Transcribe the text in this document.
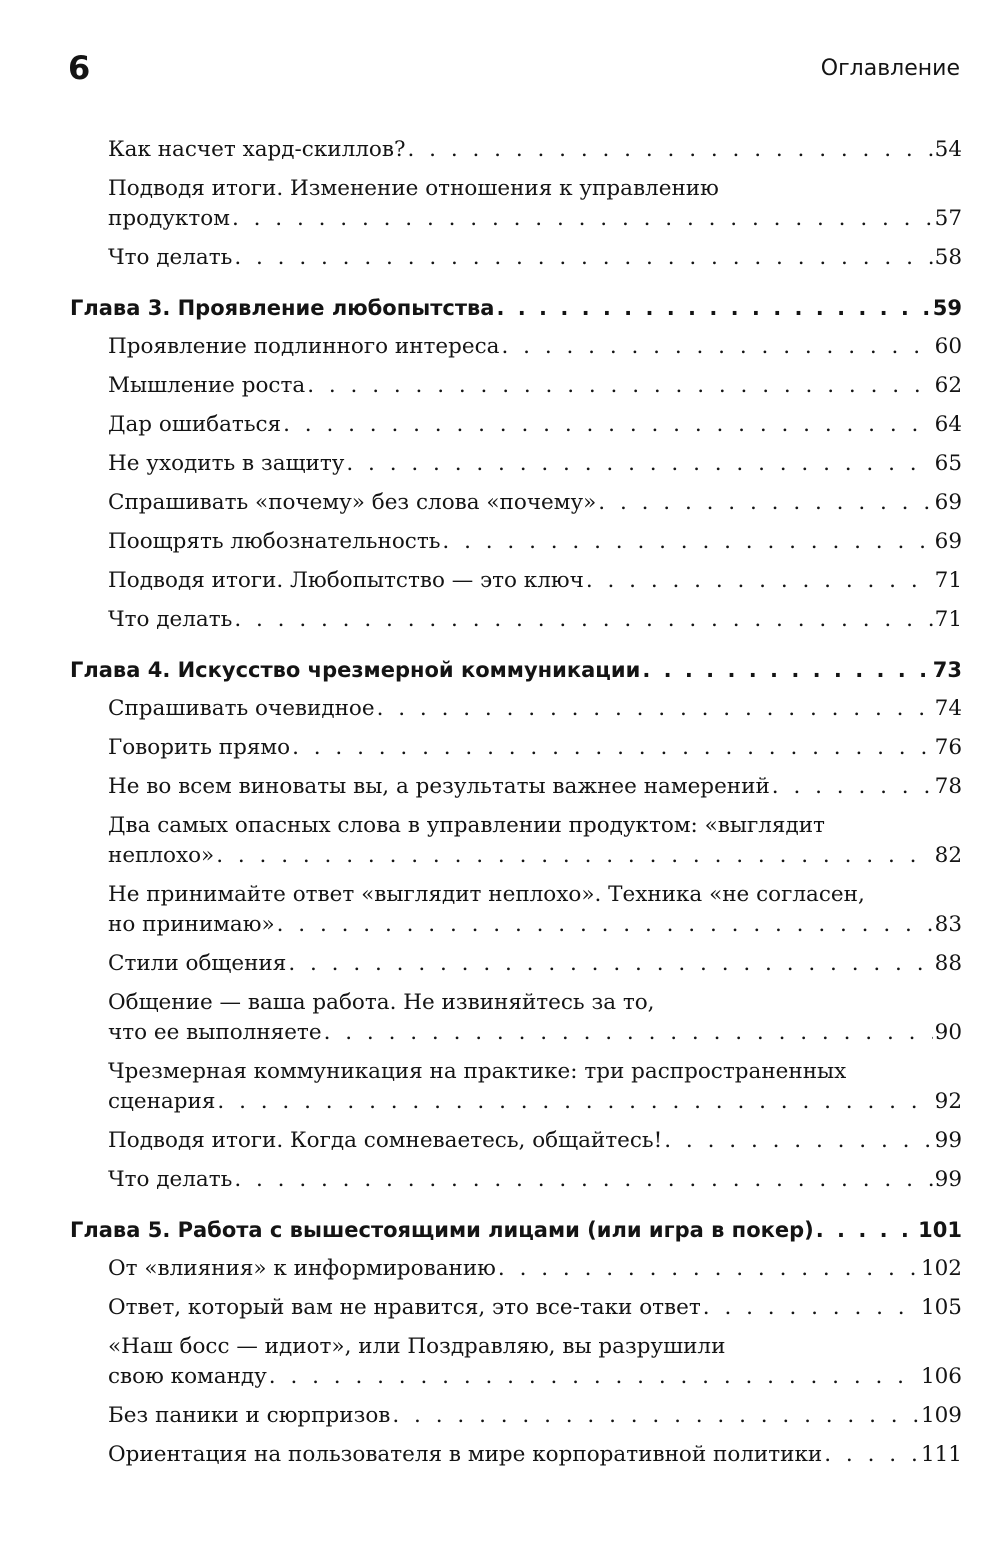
6	Оглавление
Как насчет хард-скиллов? . . .	54
Подводя итоги. Изменение отношения к управлению
продуктом . . .	57
Что делать . . .	58
Глава 3. Проявление любопытства . . .	59
Проявление подлинного интереса . . .	60
Мышление роста . . .	62
Дар ошибаться . . .	64
Не уходить в защиту . . .	65
Спрашивать «почему» без слова «почему» . . .	69
Поощрять любознательность . . .	69
Подводя итоги. Любопытство — это ключ . . .	71
Что делать . . .	71
Глава 4. Искусство чрезмерной коммуникации . . .	73
Спрашивать очевидное . . .	74
Говорить прямо . . .	76
Не во всем виноваты вы, а результаты важнее намерений . . .	78
Два самых опасных слова в управлении продуктом: «выглядит
неплохо» . . .	82
Не принимайте ответ «выглядит неплохо». Техника «не согласен,
но принимаю» . . .	83
Стили общения . . .	88
Общение — ваша работа. Не извиняйтесь за то,
что ее выполняете . . .	90
Чрезмерная коммуникация на практике: три распространенных
сценария . . .	92
Подводя итоги. Когда сомневаетесь, общайтесь! . . .	99
Что делать . . .	99
Глава 5. Работа с вышестоящими лицами (или игра в покер) . . .	101
От «влияния» к информированию . . .	102
Ответ, который вам не нравится, это все-таки ответ . . .	105
«Наш босс — идиот», или Поздравляю, вы разрушили
свою команду . . .	106
Без паники и сюрпризов . . .	109
Ориентация на пользователя в мире корпоративной политики . . .	111
